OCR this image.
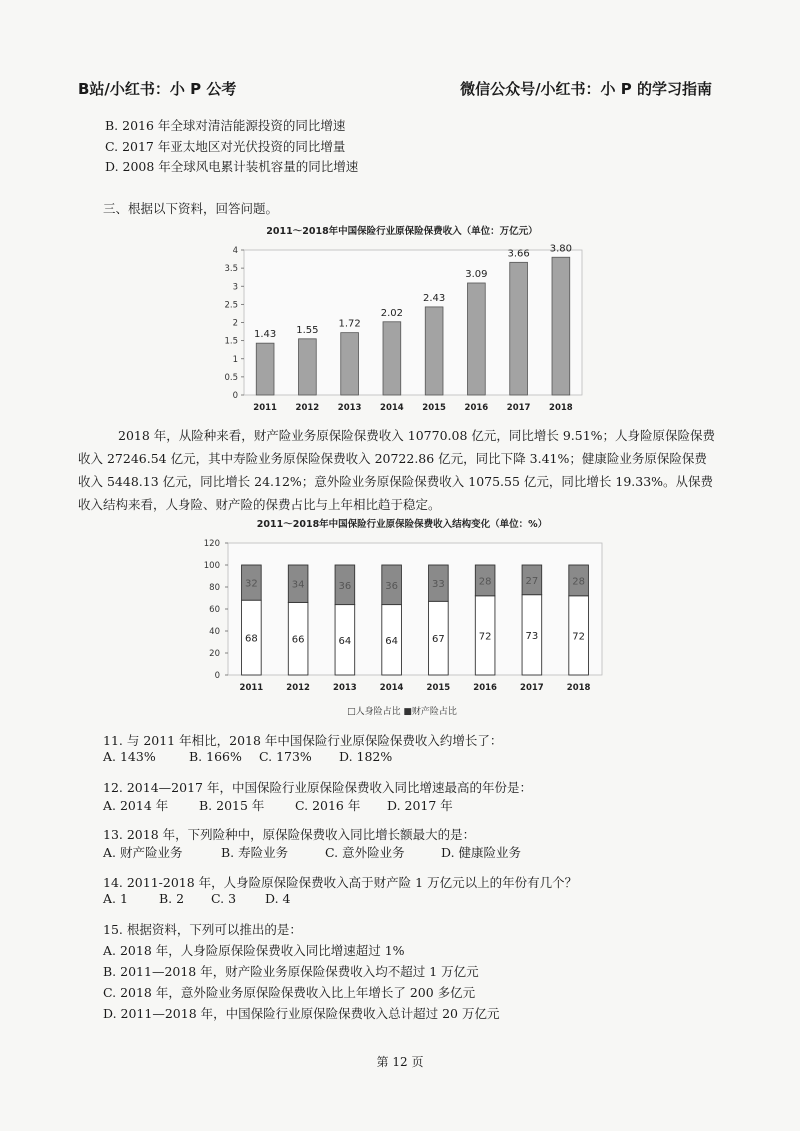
B站/小红书：小 P 公考	微信公众号/小红书：小 P 的学习指南
B. 2016 年全球对清洁能源投资的同比增速
C. 2017 年亚太地区对光伏投资的同比增量
D. 2008 年全球风电累计装机容量的同比增速
三、根据以下资料，回答问题。
2011～2018年中国保险行业原保险保费收入（单位：万亿元）
1.43 1.55
1.72
2.02
2.43
3.09
3.66 3.80
0
0.5
1
1.5
2
2.5
3
3.5
4
2011 2012 2013 2014 2015 2016 2017 2018
2018 年，从险种来看，财产险业务原保险保费收入 10770.08 亿元，同比增长 9.51%；人身险原保险保费收入 27246.54 亿元，其中寿险业务原保险保费收入 20722.86 亿元，同比下降 3.41%；健康险业务原保险保费收入 5448.13 亿元，同比增长 24.12%；意外险业务原保险保费收入 1075.55 亿元，同比增长 19.33%。从保费收入结构来看，人身险、财产险的保费占比与上年相比趋于稳定。
2011～2018年中国保险行业原保险保费收入结构变化（单位：%）
68
32
66
34
64
36
64
36
67
33
72
28
73
27
72
28
0
20
40
60
80
100
120
2011	2012	2013	2014	2015	2016	2017	2018
□人身险占比 ■财产险占比
11. 与 2011 年相比，2018 年中国保险行业原保险保费收入约增长了：
A. 143%	B. 166% C. 173% D. 182%
12. 2014—2017 年，中国保险行业原保险保费收入同比增速最高的年份是：
A. 2014 年 B. 2015 年 C. 2016 年 D. 2017 年
13. 2018 年，下列险种中，原保险保费收入同比增长额最大的是：
A. 财产险业务	B. 寿险业务	C. 意外险业务	D. 健康险业务
14. 2011-2018 年，人身险原保险保费收入高于财产险 1 万亿元以上的年份有几个？
A. 1 B. 2 C. 3 D. 4
15. 根据资料，下列可以推出的是：
A. 2018 年，人身险原保险保费收入同比增速超过 1%
B. 2011—2018 年，财产险业务原保险保费收入均不超过 1 万亿元
C. 2018 年，意外险业务原保险保费收入比上年增长了 200 多亿元
D. 2011—2018 年，中国保险行业原保险保费收入总计超过 20 万亿元
第 12 页
